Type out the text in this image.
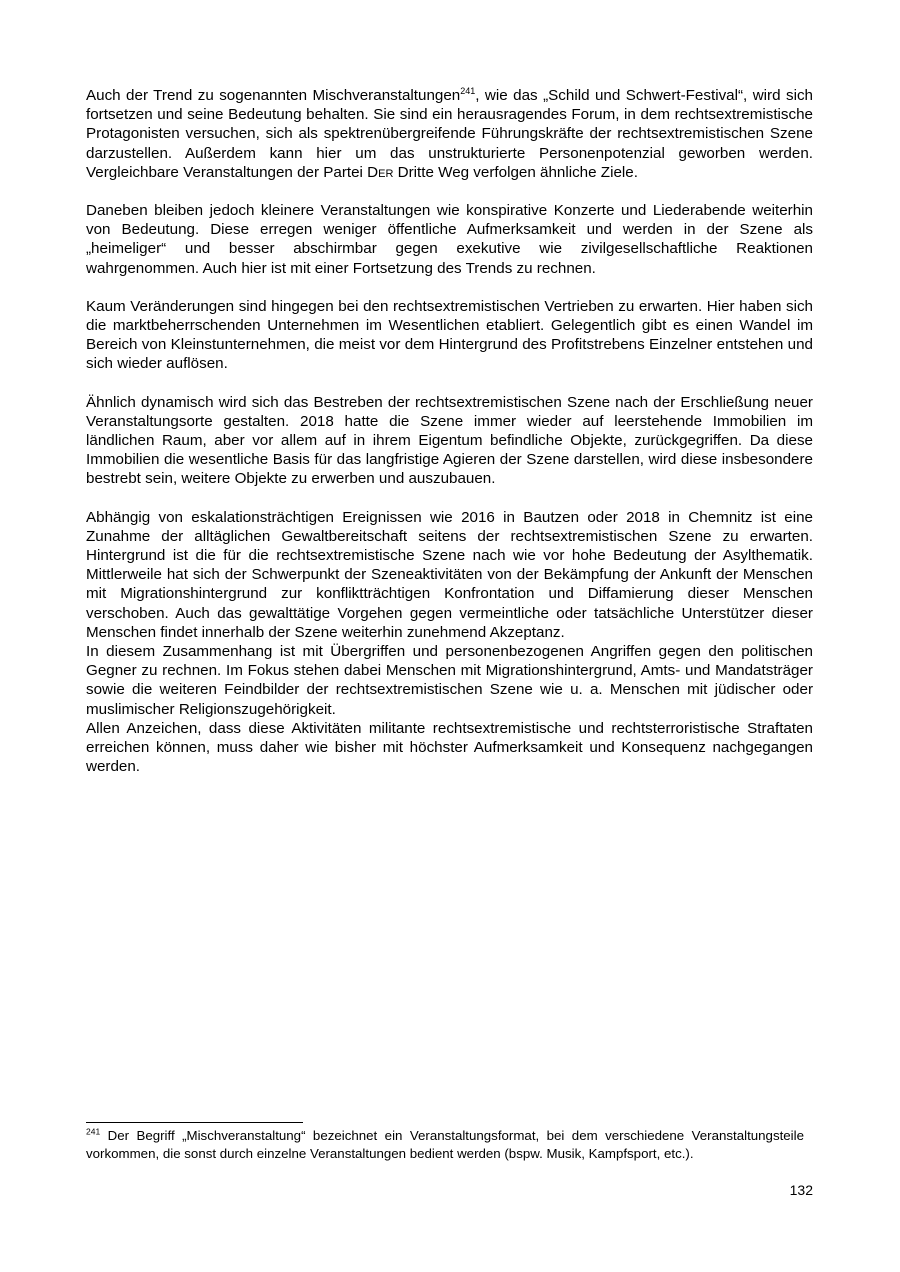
Auch der Trend zu sogenannten Mischveranstaltungen$^{241}$, wie das „Schild und Schwert-Festival“, wird sich fortsetzen und seine Bedeutung behalten. Sie sind ein herausragendes Forum, in dem rechtsextremistische Protagonisten versuchen, sich als spektrenübergreifende Führungskräfte der rechtsextremistischen Szene darzustellen. Außerdem kann hier um das unstrukturierte Personenpotenzial geworben werden. Vergleichbare Veranstaltungen der Partei Der Dritte Weg verfolgen ähnliche Ziele.

Daneben bleiben jedoch kleinere Veranstaltungen wie konspirative Konzerte und Liederabende weiterhin von Bedeutung. Diese erregen weniger öffentliche Aufmerksamkeit und werden in der Szene als „heimeliger“ und besser abschirmbar gegen exekutive wie zivilgesellschaftliche Reaktionen wahrgenommen. Auch hier ist mit einer Fortsetzung des Trends zu rechnen.

Kaum Veränderungen sind hingegen bei den rechtsextremistischen Vertrieben zu erwarten. Hier haben sich die marktbeherrschenden Unternehmen im Wesentlichen etabliert. Gelegentlich gibt es einen Wandel im Bereich von Kleinstunternehmen, die meist vor dem Hintergrund des Profitstrebens Einzelner entstehen und sich wieder auflösen.

Ähnlich dynamisch wird sich das Bestreben der rechtsextremistischen Szene nach der Erschließung neuer Veranstaltungsorte gestalten. 2018 hatte die Szene immer wieder auf leerstehende Immobilien im ländlichen Raum, aber vor allem auf in ihrem Eigentum befindliche Objekte, zurückgegriffen. Da diese Immobilien die wesentliche Basis für das langfristige Agieren der Szene darstellen, wird diese insbesondere bestrebt sein, weitere Objekte zu erwerben und auszubauen.

Abhängig von eskalationsträchtigen Ereignissen wie 2016 in Bautzen oder 2018 in Chemnitz ist eine Zunahme der alltäglichen Gewaltbereitschaft seitens der rechtsextremistischen Szene zu erwarten. Hintergrund ist die für die rechtsextremistische Szene nach wie vor hohe Bedeutung der Asylthematik. Mittlerweile hat sich der Schwerpunkt der Szeneaktivitäten von der Bekämpfung der Ankunft der Menschen mit Migrationshintergrund zur konfliktträchtigen Konfrontation und Diffamierung dieser Menschen verschoben. Auch das gewalttätige Vorgehen gegen vermeintliche oder tatsächliche Unterstützer dieser Menschen findet innerhalb der Szene weiterhin zunehmend Akzeptanz.

In diesem Zusammenhang ist mit Übergriffen und personenbezogenen Angriffen gegen den politischen Gegner zu rechnen. Im Fokus stehen dabei Menschen mit Migrationshintergrund, Amts- und Mandatsträger sowie die weiteren Feindbilder der rechtsextremistischen Szene wie u. a. Menschen mit jüdischer oder muslimischer Religionszugehörigkeit.

Allen Anzeichen, dass diese Aktivitäten militante rechtsextremistische und rechtsterroristische Straftaten erreichen können, muss daher wie bisher mit höchster Aufmerksamkeit und Konsequenz nachgegangen werden.

$^{241}$ Der Begriff „Mischveranstaltung“ bezeichnet ein Veranstaltungsformat, bei dem verschiedene Veranstaltungsteile vorkommen, die sonst durch einzelne Veranstaltungen bedient werden (bspw. Musik, Kampfsport, etc.).
132
